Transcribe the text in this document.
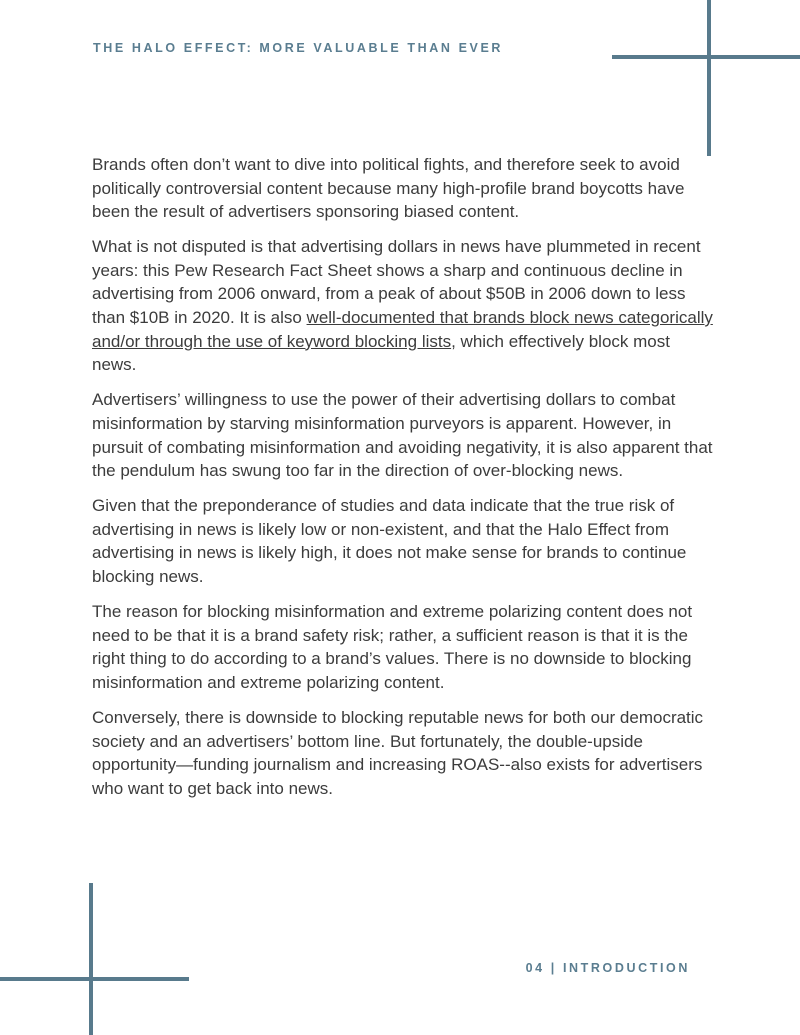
THE HALO EFFECT: MORE VALUABLE THAN EVER

Brands often don’t want to dive into political fights, and therefore seek to avoid politically controversial content because many high-profile brand boycotts have been the result of advertisers sponsoring biased content.

What is not disputed is that advertising dollars in news have plummeted in recent years: this Pew Research Fact Sheet shows a sharp and continuous decline in advertising from 2006 onward, from a peak of about $50B in 2006 down to less than $10B in 2020. It is also well-documented that brands block news categorically and/or through the use of keyword blocking lists, which effectively block most news.

Advertisers’ willingness to use the power of their advertising dollars to combat misinformation by starving misinformation purveyors is apparent. However, in pursuit of combating misinformation and avoiding negativity, it is also apparent that the pendulum has swung too far in the direction of over-blocking news.

Given that the preponderance of studies and data indicate that the true risk of advertising in news is likely low or non-existent, and that the Halo Effect from advertising in news is likely high, it does not make sense for brands to continue blocking news.

The reason for blocking misinformation and extreme polarizing content does not need to be that it is a brand safety risk; rather, a sufficient reason is that it is the right thing to do according to a brand’s values. There is no downside to blocking misinformation and extreme polarizing content.

Conversely, there is downside to blocking reputable news for both our democratic society and an advertisers’ bottom line. But fortunately, the double-upside opportunity—funding journalism and increasing ROAS--also exists for advertisers who want to get back into news.

04 | INTRODUCTION
